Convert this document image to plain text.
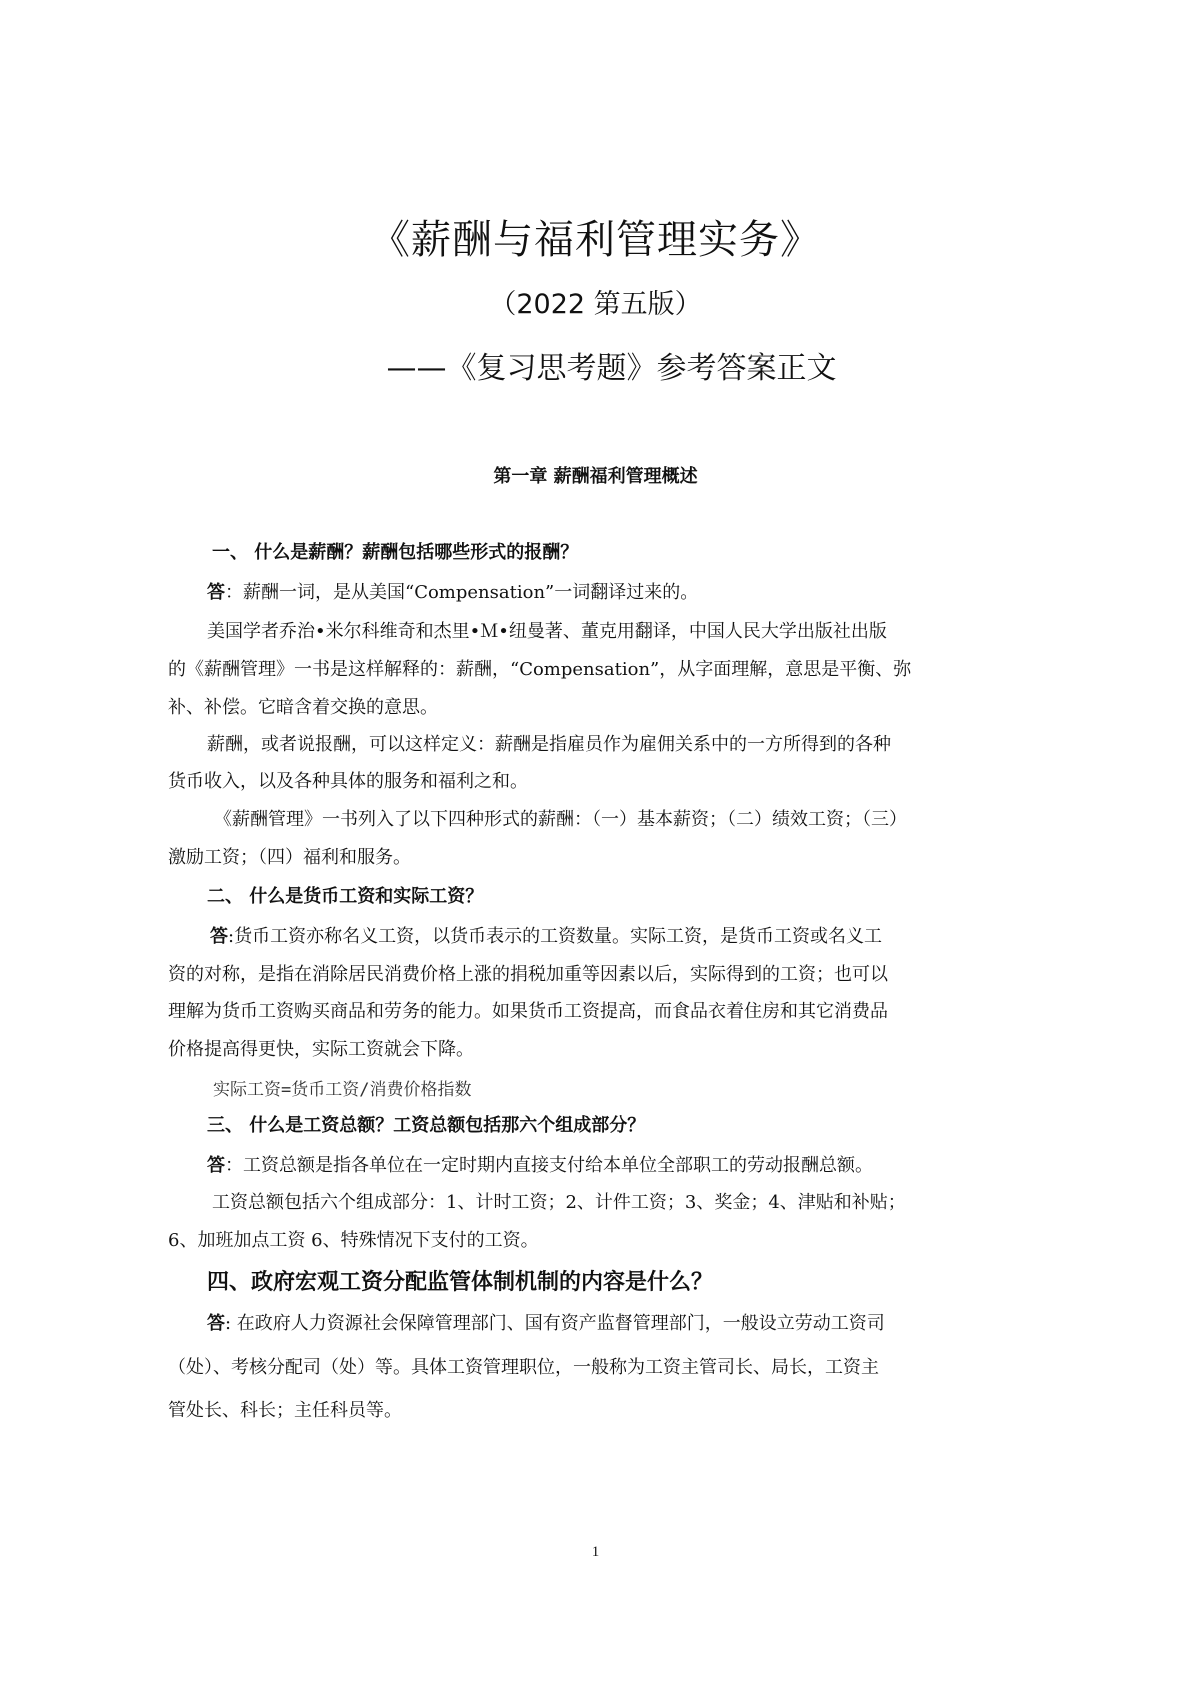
《薪酬与福利管理实务》
（2022 第五版）
——《复习思考题》参考答案正文
第一章 薪酬福利管理概述
一、 什么是薪酬？薪酬包括哪些形式的报酬？
答：薪酬一词，是从美国“Compensation”一词翻译过来的。
美国学者乔治•米尔科维奇和杰里•Ｍ•纽曼著、董克用翻译，中国人民大学出版社出版
的《薪酬管理》一书是这样解释的：薪酬，“Compensation”，从字面理解，意思是平衡、弥
补、补偿。它暗含着交换的意思。
薪酬，或者说报酬，可以这样定义：薪酬是指雇员作为雇佣关系中的一方所得到的各种
货币收入，以及各种具体的服务和福利之和。
《薪酬管理》一书列入了以下四种形式的薪酬：（一）基本薪资；（二）绩效工资；（三）
激励工资；（四）福利和服务。
二、 什么是货币工资和实际工资？
答:货币工资亦称名义工资，以货币表示的工资数量。实际工资，是货币工资或名义工
资的对称，是指在消除居民消费价格上涨的捐税加重等因素以后，实际得到的工资；也可以
理解为货币工资购买商品和劳务的能力。如果货币工资提高，而食品衣着住房和其它消费品
价格提高得更快，实际工资就会下降。
实际工资=货币工资/消费价格指数
三、 什么是工资总额？工资总额包括那六个组成部分？
答：工资总额是指各单位在一定时期内直接支付给本单位全部职工的劳动报酬总额。
工资总额包括六个组成部分：1、计时工资；2、计件工资；3、奖金；4、津贴和补贴；
6、加班加点工资 6、特殊情况下支付的工资。
四、政府宏观工资分配监管体制机制的内容是什么？
答: 在政府人力资源社会保障管理部门、国有资产监督管理部门，一般设立劳动工资司
（处）、考核分配司（处）等。具体工资管理职位，一般称为工资主管司长、局长，工资主
管处长、科长；主任科员等。
1
